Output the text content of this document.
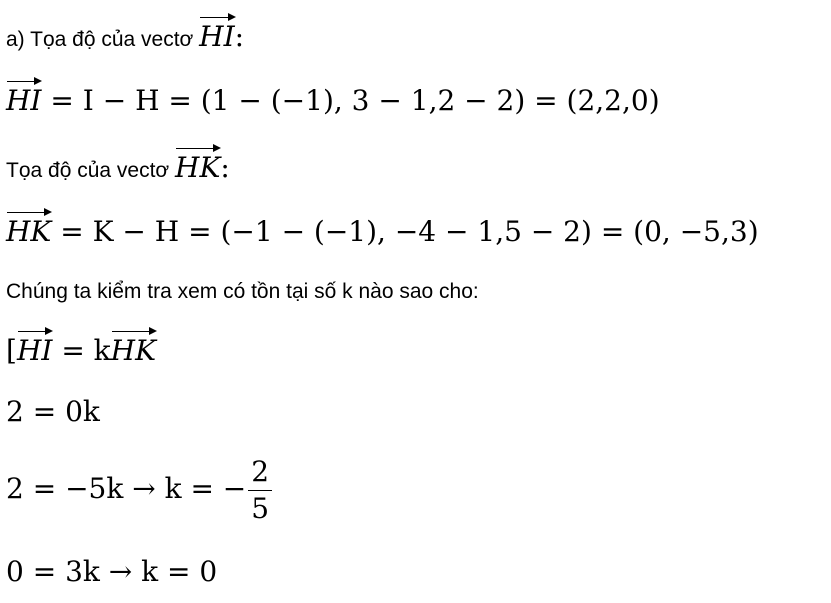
a) Tọa độ của vectơ HI:
HI = I − H = (1 − (−1), 3 − 1,2 − 2) = (2,2,0)
Tọa độ của vectơ HK:
HK = K − H = (−1 − (−1), −4 − 1,5 − 2) = (0, −5,3)
Chúng ta kiểm tra xem có tồn tại số k nào sao cho:
[HI = kHK
2 = 0k
2 = −5k → k = − $\frac{2}{5}$
0 = 3k → k = 0
